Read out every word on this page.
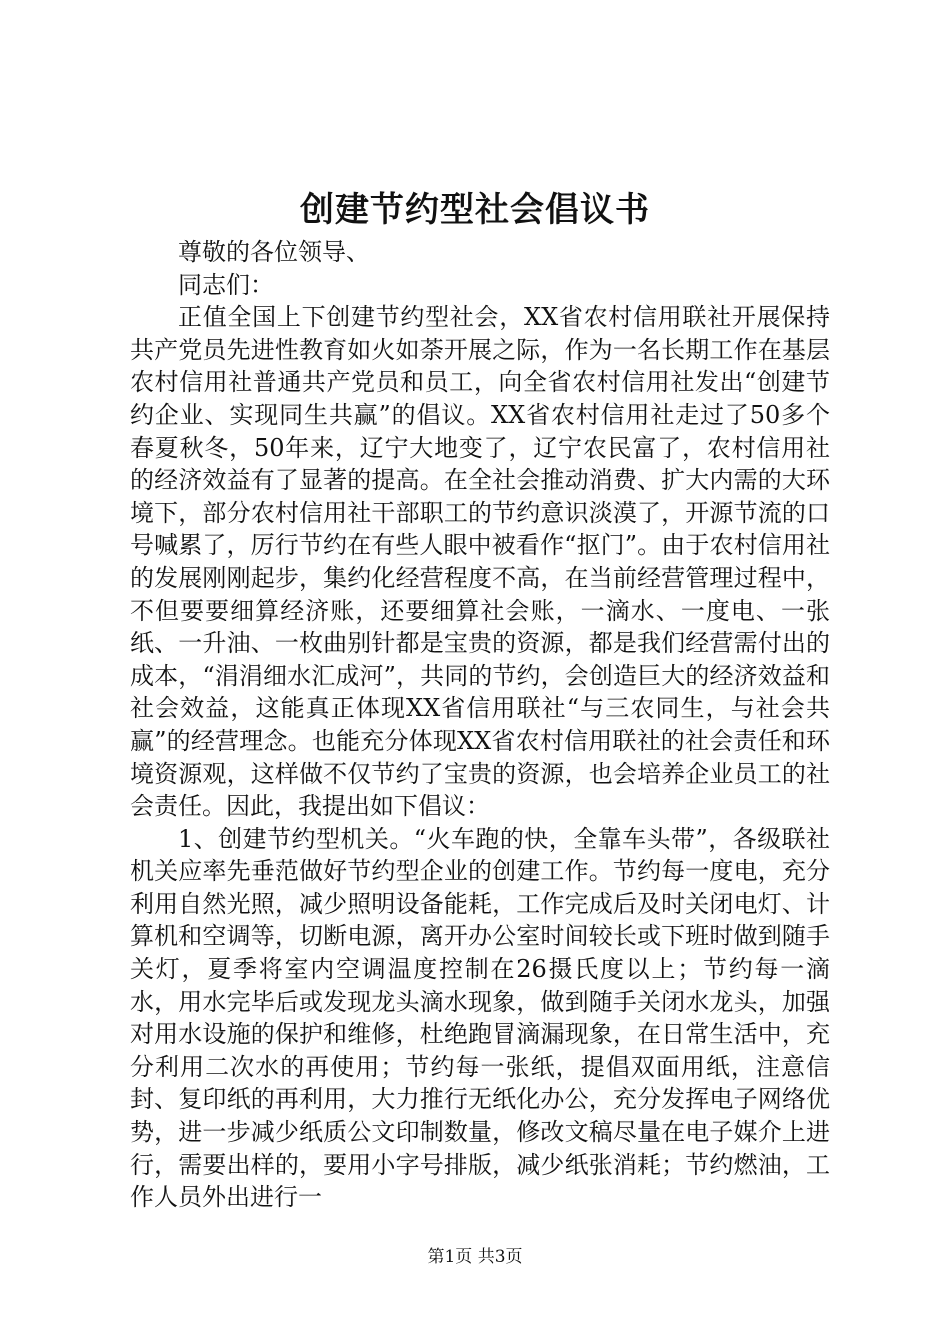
创建节约型社会倡议书

尊敬的各位领导、

同志们：

正值全国上下创建节约型社会，XX省农村信用联社开展保持共产党员先进性教育如火如荼开展之际，作为一名长期工作在基层农村信用社普通共产党员和员工，向全省农村信用社发出“创建节约企业、实现同生共赢”的倡议。XX省农村信用社走过了50多个春夏秋冬，50年来，辽宁大地变了，辽宁农民富了，农村信用社的经济效益有了显著的提高。在全社会推动消费、扩大内需的大环境下，部分农村信用社干部职工的节约意识淡漠了，开源节流的口号喊累了，厉行节约在有些人眼中被看作“抠门”。由于农村信用社的发展刚刚起步，集约化经营程度不高，在当前经营管理过程中，不但要要细算经济账，还要细算社会账，一滴水、一度电、一张纸、一升油、一枚曲别针都是宝贵的资源，都是我们经营需付出的成本，“涓涓细水汇成河”，共同的节约，会创造巨大的经济效益和社会效益，这能真正体现XX省信用联社“与三农同生，与社会共赢”的经营理念。也能充分体现XX省农村信用联社的社会责任和环境资源观，这样做不仅节约了宝贵的资源，也会培养企业员工的社会责任。因此，我提出如下倡议：

1、创建节约型机关。“火车跑的快，全靠车头带”，各级联社机关应率先垂范做好节约型企业的创建工作。节约每一度电，充分利用自然光照，减少照明设备能耗，工作完成后及时关闭电灯、计算机和空调等，切断电源，离开办公室时间较长或下班时做到随手关灯，夏季将室内空调温度控制在26摄氏度以上；节约每一滴水，用水完毕后或发现龙头滴水现象，做到随手关闭水龙头，加强对用水设施的保护和维修，杜绝跑冒滴漏现象，在日常生活中，充分利用二次水的再使用；节约每一张纸，提倡双面用纸，注意信封、复印纸的再利用，大力推行无纸化办公，充分发挥电子网络优势，进一步减少纸质公文印制数量，修改文稿尽量在电子媒介上进行，需要出样的，要用小字号排版，减少纸张消耗；节约燃油，工作人员外出进行一

第1页 共3页
